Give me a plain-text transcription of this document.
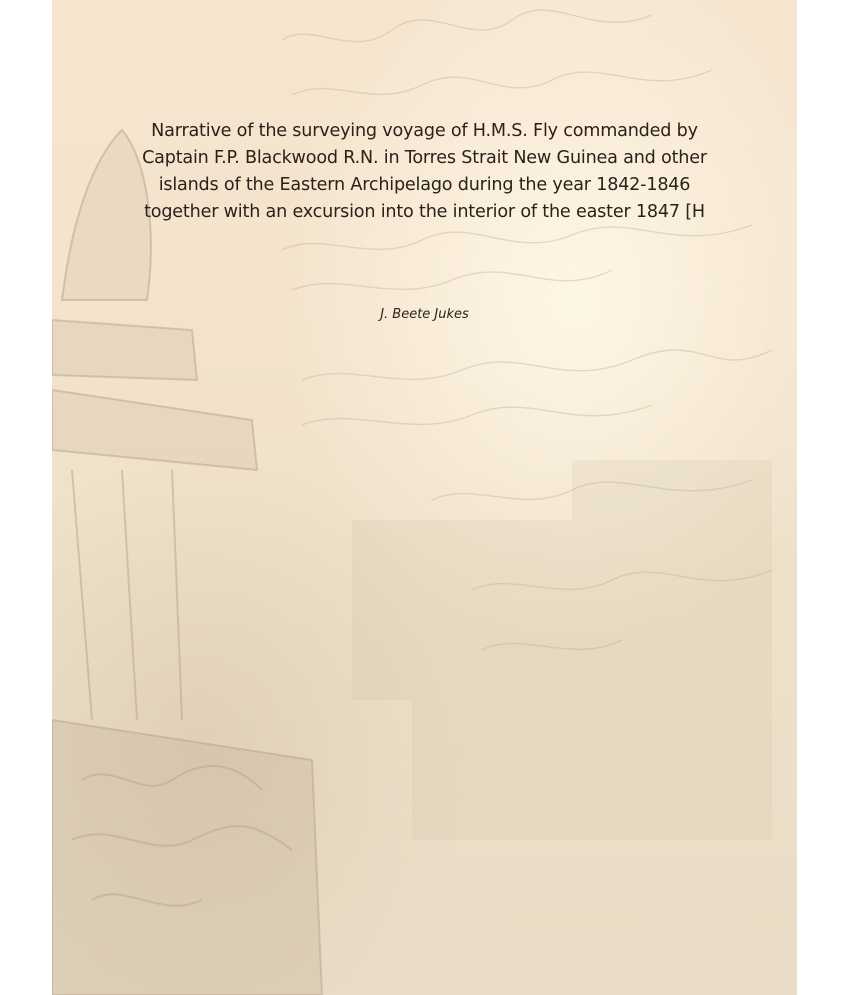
Narrative of the surveying voyage of H.M.S. Fly commanded by
Captain F.P. Blackwood R.N. in Torres Strait New Guinea and other
islands of the Eastern Archipelago during the year 1842-1846
together with an excursion into the interior of the easter 1847 [H
J. Beete Jukes
